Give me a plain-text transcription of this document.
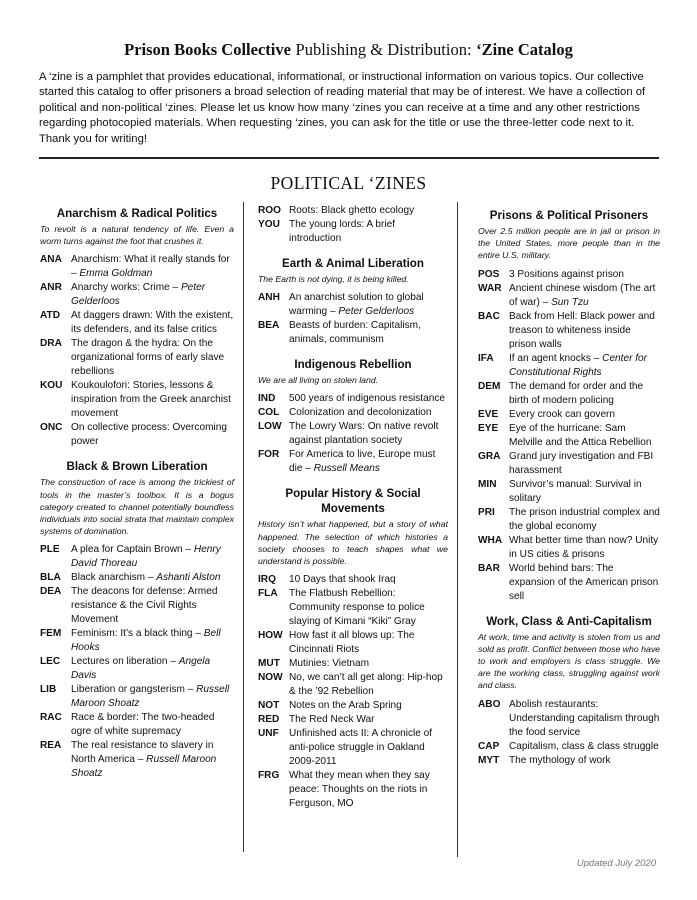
Prison Books Collective Publishing & Distribution: ‘Zine Catalog

A ‘zine is a pamphlet that provides educational, informational, or instructional information on various topics. Our collective started this catalog to offer prisoners a broad selection of reading material that may be of interest. We have a collection of political and non-political ‘zines. Please let us know how many ‘zines you can receive at a time and any other restrictions regarding photocopied materials. When requesting ‘zines, you can ask for the title or use the three-letter code next to it. Thank you for writing!

POLITICAL ‘ZINES
Anarchism & Radical Politics
To revolt is a natural tendency of life. Even a worm turns against the foot that crushes it.
ANA Anarchism: What it really stands for – Emma Goldman
ANR Anarchy works: Crime – Peter Gelderloos
ATD	At daggers drawn: With the existent, its defenders, and its false critics
DRA The dragon & the hydra: On the organizational forms of early slave rebellions
KOU Koukoulofori: Stories, lessons & inspiration from the Greek anarchist movement
ONC On collective process: Overcoming power
Black & Brown Liberation
The construction of race is among the trickiest of tools in the master’s toolbox. It is a bogus category created to channel potentially boundless individuals into social strata that maintain complex systems of domination.
PLE	A plea for Captain Brown – Henry David Thoreau
BLA	Black anarchism – Ashanti Alston
DEA The deacons for defense: Armed resistance & the Civil Rights Movement
FEM Feminism: It’s a black thing – Bell Hooks
LEC	Lectures on liberation – Angela Davis
LIB	Liberation or gangsterism – Russell Maroon Shoatz
RAC Race & border: The two-headed ogre of white supremacy
REA The real resistance to slavery in North America – Russell Maroon Shoatz
ROO Roots: Black ghetto ecology
YOU The young lords: A brief introduction
Earth & Animal Liberation
The Earth is not dying, it is being killed.
ANH An anarchist solution to global warming – Peter Gelderloos
BEA Beasts of burden: Capitalism, animals, communism
Indigenous Rebellion
We are all living on stolen land.
IND	500 years of indigenous resistance
COL Colonization and decolonization
LOW The Lowry Wars: On native revolt against plantation society
FOR For America to live, Europe must die – Russell Means
Popular History & Social Movements
History isn’t what happened, but a story of what happened. The selection of which histories a society chooses to teach shapes what we understand is possible.
IRQ	10 Days that shook Iraq
FLA	The Flatbush Rebellion: Community response to police slaying of Kimani “Kiki” Gray
HOW How fast it all blows up: The Cincinnati Riots
MUT Mutinies: Vietnam
NOW No, we can’t all get along: Hip-hop & the ’92 Rebellion
NOT Notes on the Arab Spring
RED The Red Neck War
UNF	Unfinished acts II: A chronicle of anti-police struggle in Oakland 2009-2011
FRG What they mean when they say peace: Thoughts on the riots in Ferguson, MO
Prisons & Political Prisoners
Over 2.5 million people are in jail or prison in the United States, more people than in the entire U.S. military.
POS 3 Positions against prison
WAR Ancient chinese wisdom (The art of war) – Sun Tzu
BAC Back from Hell: Black power and treason to whiteness inside prison walls
IFA	If an agent knocks – Center for Constitutional Rights
DEM The demand for order and the birth of modern policing
EVE	Every crook can govern
EYE	Eye of the hurricane: Sam Melville and the Attica Rebellion
GRA Grand jury investigation and FBI harassment
MIN	Survivor’s manual: Survival in solitary
PRI	The prison industrial complex and the global economy
WHA What better time than now? Unity in US cities & prisons
BAR World behind bars: The expansion of the American prison sell
Work, Class & Anti-Capitalism
At work, time and activity is stolen from us and sold as profit. Conflict between those who have to work and employers is class struggle. We are the working class, struggling against work and class.
ABO Abolish restaurants: Understanding capitalism through the food service
CAP Capitalism, class & class struggle
MYT The mythology of work
Updated July 2020
